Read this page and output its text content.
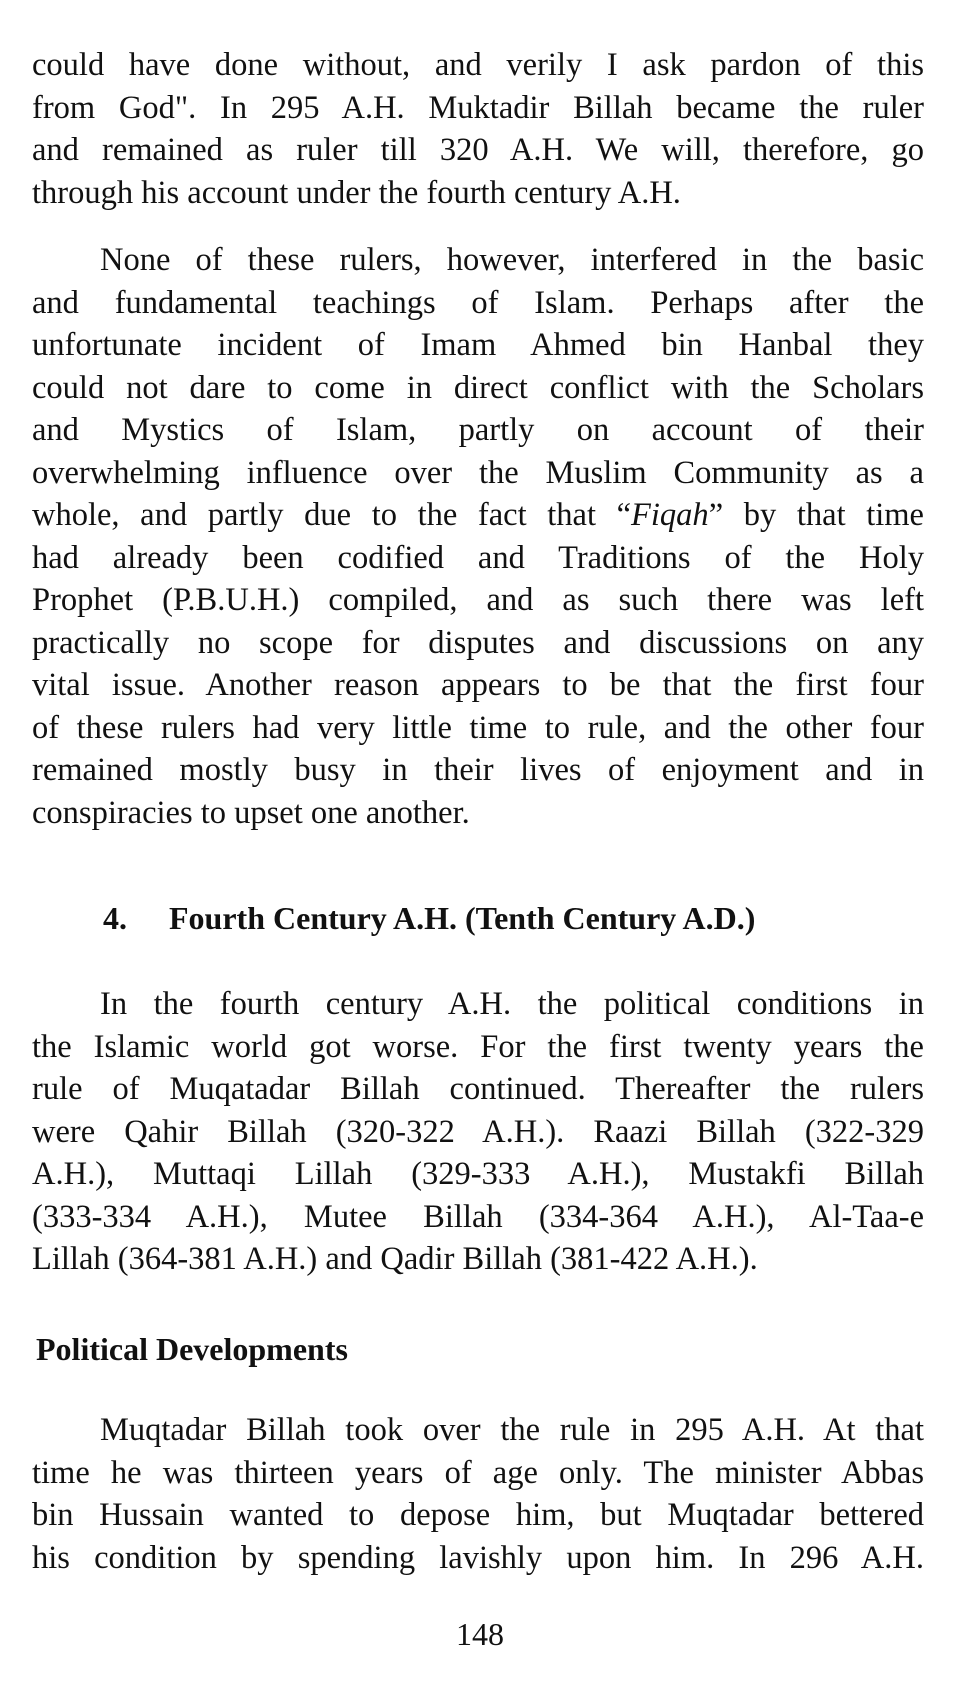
could have done without, and verily I ask pardon of this
from God". In 295 A.H. Muktadir Billah became the ruler
and remained as ruler till 320 A.H. We will, therefore, go
through his account under the fourth century A.H.
None of these rulers, however, interfered in the basic
and fundamental teachings of Islam. Perhaps after the
unfortunate incident of Imam Ahmed bin Hanbal they
could not dare to come in direct conflict with the Scholars
and Mystics of Islam, partly on account of their
overwhelming influence over the Muslim Community as a
whole, and partly due to the fact that “Fiqah” by that time
had already been codified and Traditions of the Holy
Prophet (P.B.U.H.) compiled, and as such there was left
practically no scope for disputes and discussions on any
vital issue. Another reason appears to be that the first four
of these rulers had very little time to rule, and the other four
remained mostly busy in their lives of enjoyment and in
conspiracies to upset one another.
4. Fourth Century A.H. (Tenth Century A.D.)
In the fourth century A.H. the political conditions in
the Islamic world got worse. For the first twenty years the
rule of Muqatadar Billah continued. Thereafter the rulers
were Qahir Billah (320-322 A.H.). Raazi Billah (322-329
A.H.), Muttaqi Lillah (329-333 A.H.), Mustakfi Billah
(333-334 A.H.), Mutee Billah (334-364 A.H.), Al-Taa-e
Lillah (364-381 A.H.) and Qadir Billah (381-422 A.H.).
Political Developments
Muqtadar Billah took over the rule in 295 A.H. At that
time he was thirteen years of age only. The minister Abbas
bin Hussain wanted to depose him, but Muqtadar bettered
his condition by spending lavishly upon him. In 296 A.H.
148
